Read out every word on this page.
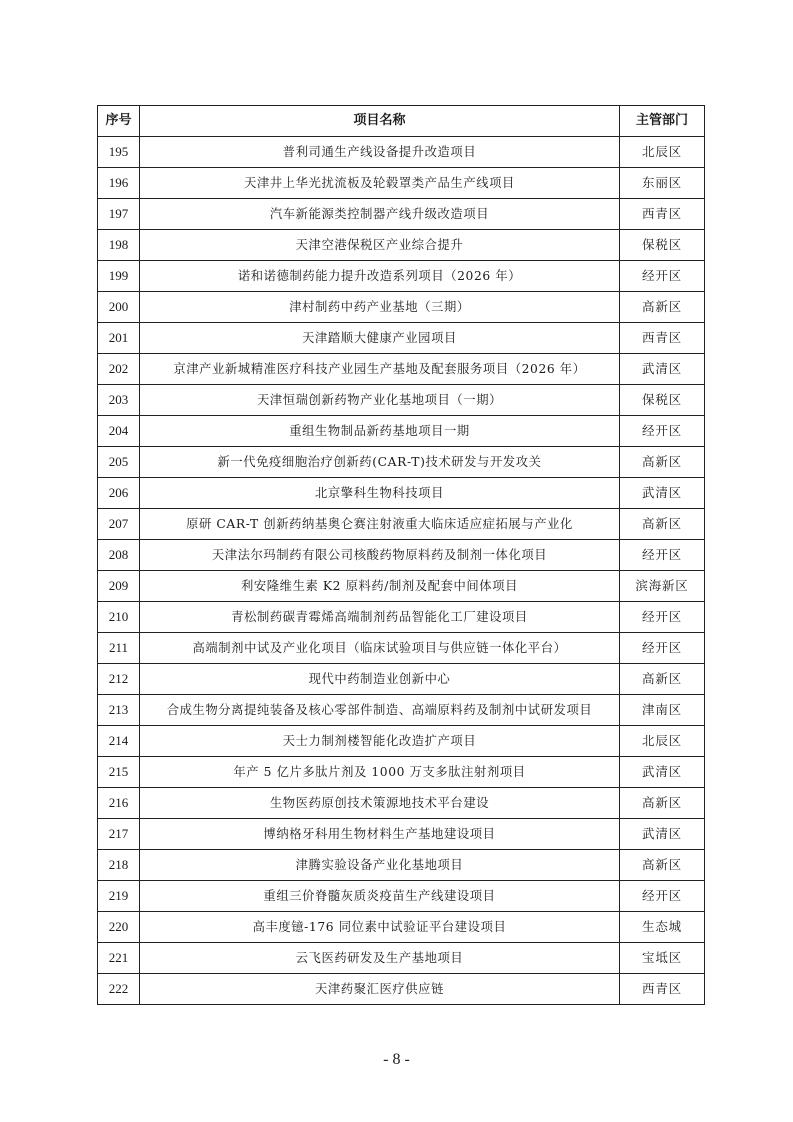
序号	项目名称	主管部门
195	普利司通生产线设备提升改造项目	北辰区
196	天津井上华光扰流板及轮毂罩类产品生产线项目	东丽区
197	汽车新能源类控制器产线升级改造项目	西青区
198	天津空港保税区产业综合提升	保税区
199	诺和诺德制药能力提升改造系列项目（2026 年）	经开区
200	津村制药中药产业基地（三期）	高新区
201	天津踏顺大健康产业园项目	西青区
202	京津产业新城精准医疗科技产业园生产基地及配套服务项目（2026 年）	武清区
203	天津恒瑞创新药物产业化基地项目（一期）	保税区
204	重组生物制品新药基地项目一期	经开区
205	新一代免疫细胞治疗创新药(CAR-T)技术研发与开发攻关	高新区
206	北京擎科生物科技项目	武清区
207	原研 CAR-T 创新药纳基奥仑赛注射液重大临床适应症拓展与产业化	高新区
208	天津法尔玛制药有限公司核酸药物原料药及制剂一体化项目	经开区
209	利安隆维生素 K2 原料药/制剂及配套中间体项目	滨海新区
210	青松制药碳青霉烯高端制剂药品智能化工厂建设项目	经开区
211	高端制剂中试及产业化项目（临床试验项目与供应链一体化平台）	经开区
212	现代中药制造业创新中心	高新区
213	合成生物分离提纯装备及核心零部件制造、高端原料药及制剂中试研发项目	津南区
214	天士力制剂楼智能化改造扩产项目	北辰区
215	年产 5 亿片多肽片剂及 1000 万支多肽注射剂项目	武清区
216	生物医药原创技术策源地技术平台建设	高新区
217	博纳格牙科用生物材料生产基地建设项目	武清区
218	津腾实验设备产业化基地项目	高新区
219	重组三价脊髓灰质炎疫苗生产线建设项目	经开区
220	高丰度镱-176 同位素中试验证平台建设项目	生态城
221	云飞医药研发及生产基地项目	宝坻区
222	天津药聚汇医疗供应链	西青区
- 8 -
